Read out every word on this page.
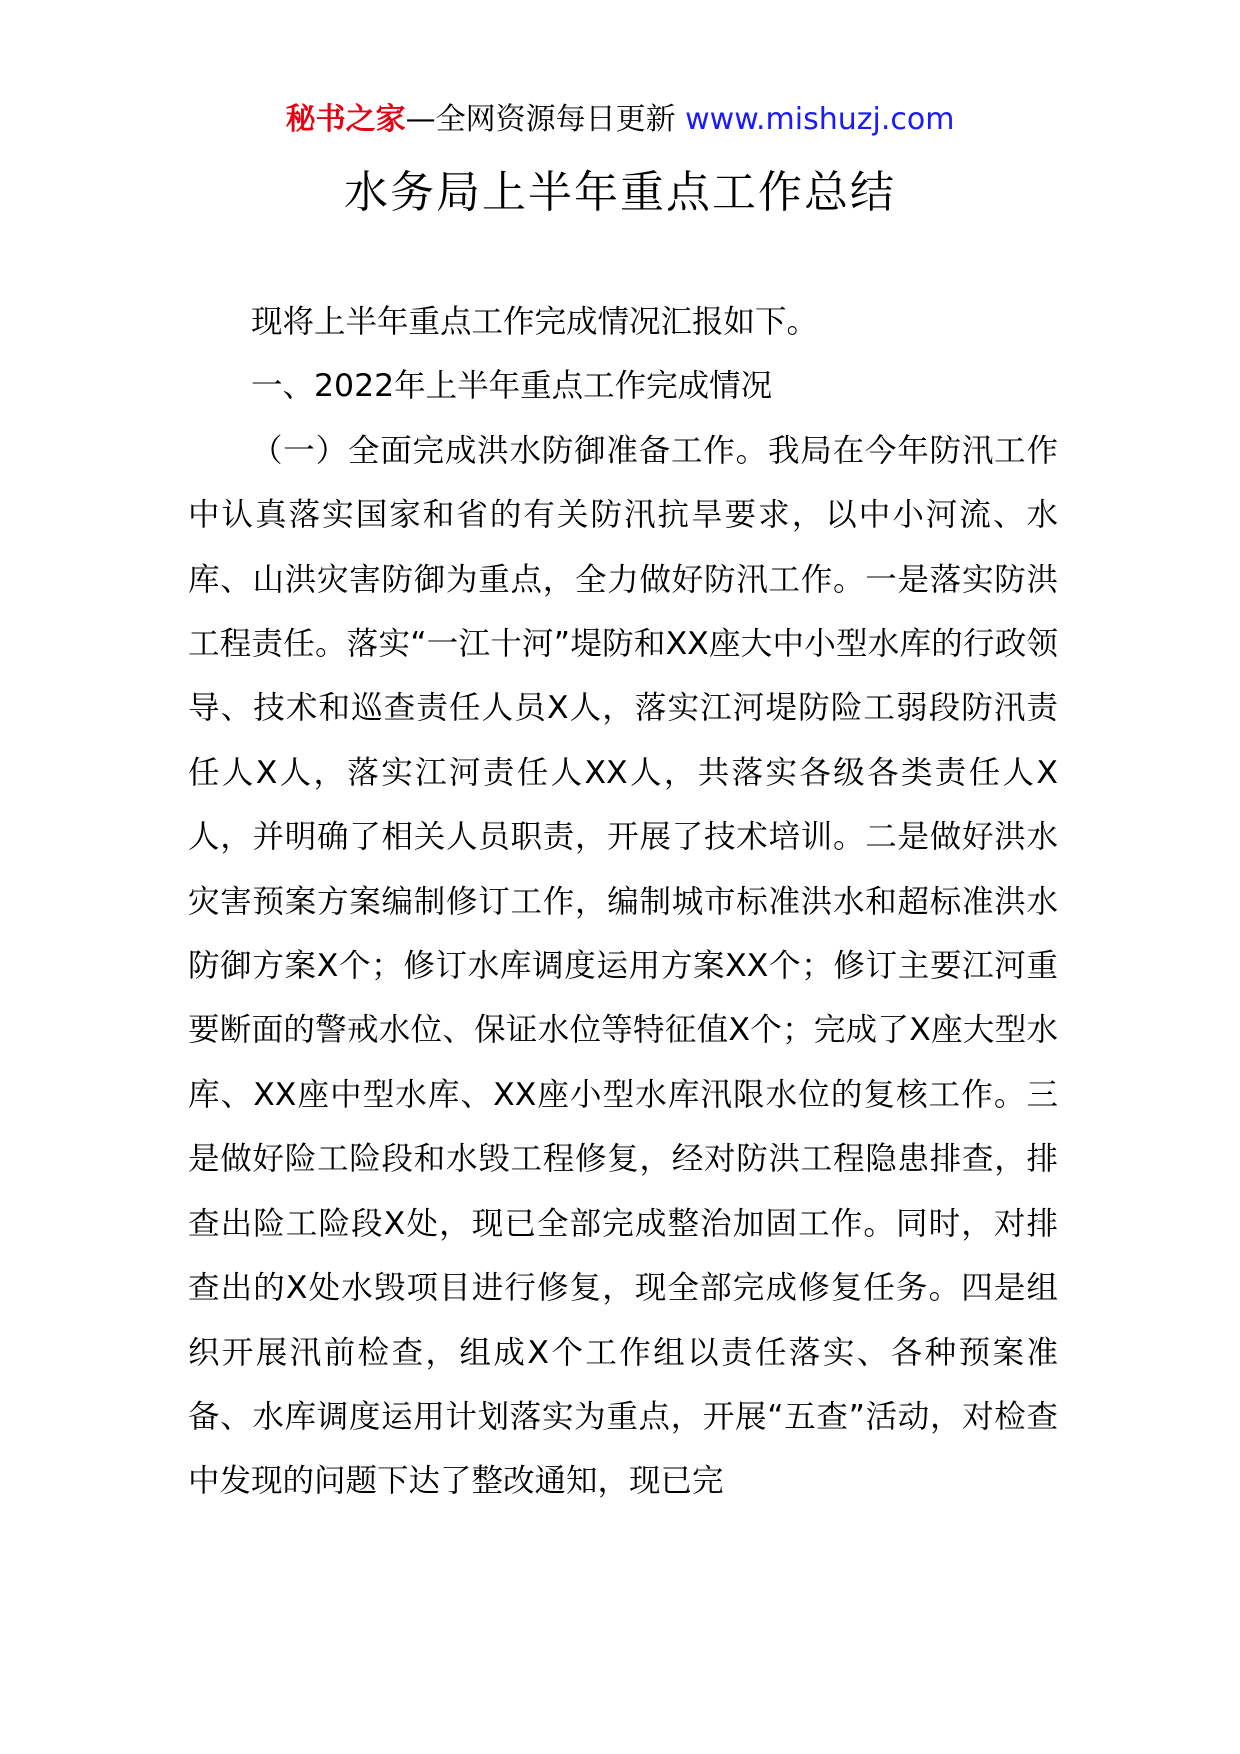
秘书之家—全网资源每日更新 www.mishuzj.com
水务局上半年重点工作总结

现将上半年重点工作完成情况汇报如下。

一、2022年上半年重点工作完成情况

（一）全面完成洪水防御准备工作。我局在今年防汛工作中认真落实国家和省的有关防汛抗旱要求，以中小河流、水库、山洪灾害防御为重点，全力做好防汛工作。一是落实防洪工程责任。落实“一江十河”堤防和XX座大中小型水库的行政领导、技术和巡查责任人员X人，落实江河堤防险工弱段防汛责任人X人，落实江河责任人XX人，共落实各级各类责任人X人，并明确了相关人员职责，开展了技术培训。二是做好洪水灾害预案方案编制修订工作，编制城市标准洪水和超标准洪水防御方案X个；修订水库调度运用方案XX个；修订主要江河重要断面的警戒水位、保证水位等特征值X个；完成了X座大型水库、XX座中型水库、XX座小型水库汛限水位的复核工作。三是做好险工险段和水毁工程修复，经对防洪工程隐患排查，排查出险工险段X处，现已全部完成整治加固工作。同时，对排查出的X处水毁项目进行修复，现全部完成修复任务。四是组织开展汛前检查，组成X个工作组以责任落实、各种预案准备、水库调度运用计划落实为重点，开展“五查”活动，对检查中发现的问题下达了整改通知，现已完
